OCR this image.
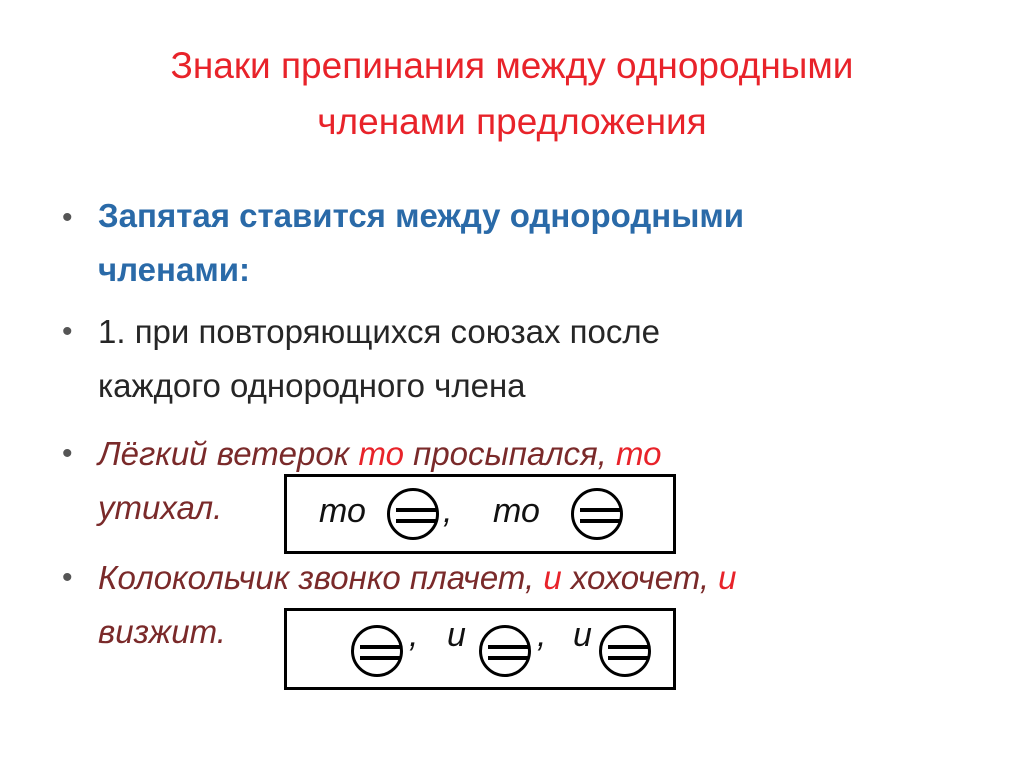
Знаки препинания между однородными
членами предложения
• Запятая ставится между однородными
членами:
• 1. при повторяющихся союзах после
каждого однородного члена
• Лёгкий ветерок то просыпался, то
утихал.	то , то
• Колокольчик звонко плачет, и хохочет, и
визжит.	, и , и
